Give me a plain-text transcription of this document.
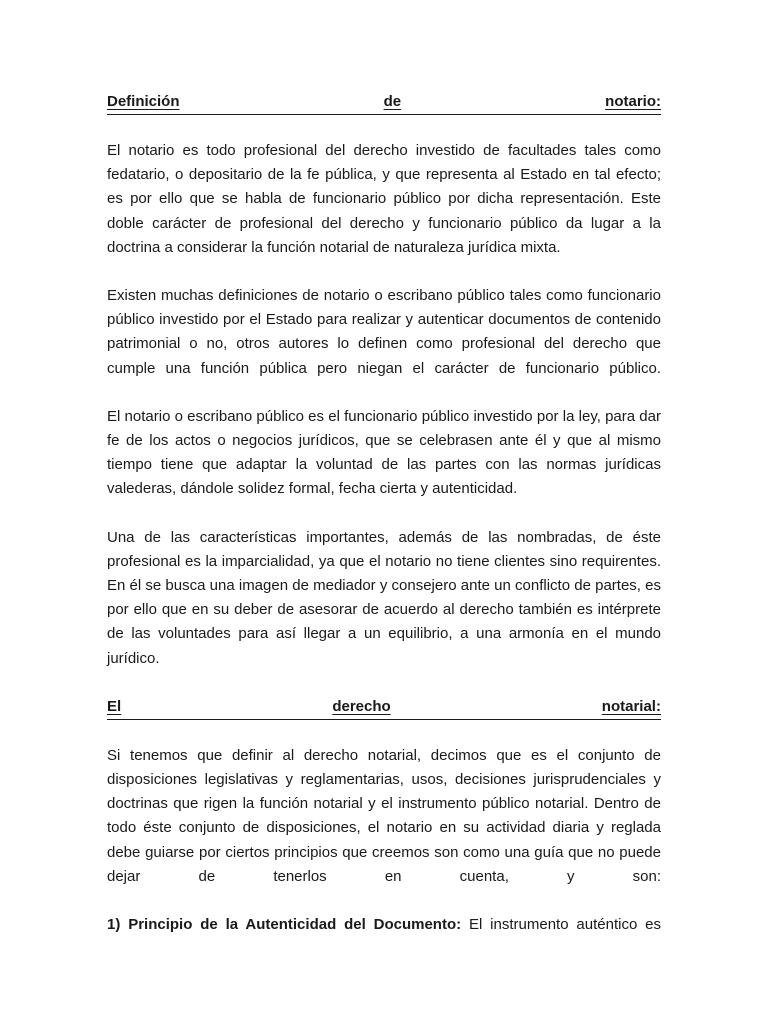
Definición	de	notario:

El notario es todo profesional del derecho investido de facultades tales como fedatario, o depositario de la fe pública, y que representa al Estado en tal efecto; es por ello que se habla de funcionario público por dicha representación. Este doble carácter de profesional del derecho y funcionario público da lugar a la doctrina a considerar la función notarial de naturaleza jurídica mixta.

Existen muchas definiciones de notario o escribano público tales como funcionario público investido por el Estado para realizar y autenticar documentos de contenido patrimonial o no, otros autores lo definen como profesional del derecho que cumple una función pública pero niegan el carácter de funcionario público.

El notario o escribano público es el funcionario público investido por la ley, para dar fe de los actos o negocios jurídicos, que se celebrasen ante él y que al mismo tiempo tiene que adaptar la voluntad de las partes con las normas jurídicas valederas, dándole solidez formal, fecha cierta y autenticidad.

Una de las características importantes, además de las nombradas, de éste profesional es la imparcialidad, ya que el notario no tiene clientes sino requirentes. En él se busca una imagen de mediador y consejero ante un conflicto de partes, es por ello que en su deber de asesorar de acuerdo al derecho también es intérprete de las voluntades para así llegar a un equilibrio, a una armonía en el mundo jurídico.

El	derecho	notarial:

Si tenemos que definir al derecho notarial, decimos que es el conjunto de disposiciones legislativas y reglamentarias, usos, decisiones jurisprudenciales y doctrinas que rigen la función notarial y el instrumento público notarial. Dentro de todo éste conjunto de disposiciones, el notario en su actividad diaria y reglada debe guiarse por ciertos principios que creemos son como una guía que no puede dejar de tenerlos en cuenta, y son:

1) Principio de la Autenticidad del Documento: El instrumento auténtico es
